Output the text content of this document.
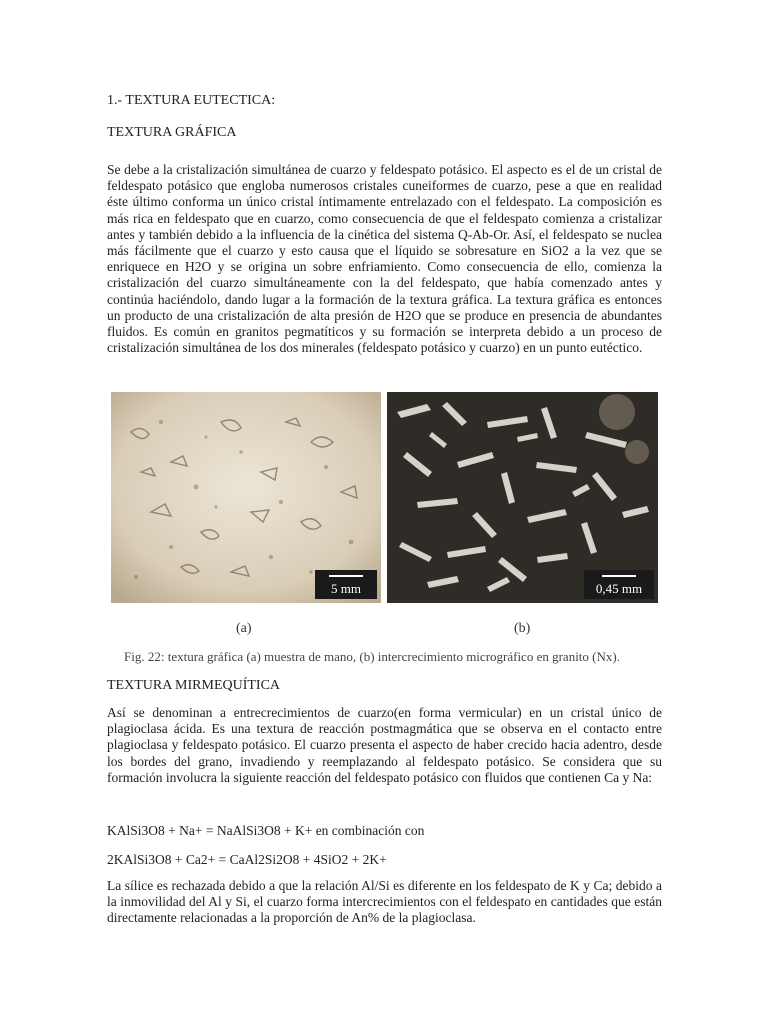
1.- TEXTURA EUTECTICA:
TEXTURA GRÁFICA
Se debe a la cristalización simultánea de cuarzo y feldespato potásico. El aspecto es el de un cristal de feldespato potásico que engloba numerosos cristales cuneiformes de cuarzo, pese a que en realidad éste último conforma un único cristal íntimamente entrelazado con el feldespato. La composición es más rica en feldespato que en cuarzo, como consecuencia de que el feldespato comienza a cristalizar antes y también debido a la influencia de la cinética del sistema Q-Ab-Or. Así, el feldespato se nuclea más fácilmente que el cuarzo y esto causa que el líquido se sobresature en SiO2 a la vez que se enriquece en H2O y se origina un sobre enfriamiento. Como consecuencia de ello, comienza la cristalización del cuarzo simultáneamente con la del feldespato, que había comenzado antes y continúa haciéndolo, dando lugar a la formación de la textura gráfica. La textura gráfica es entonces un producto de una cristalización de alta presión de H2O que se produce en presencia de abundantes fluidos. Es común en granitos pegmatíticos y su formación se interpreta debido a un proceso de cristalización simultánea de los dos minerales (feldespato potásico y cuarzo) en un punto eutéctico.
5 mm	0,45 mm
(a)	(b)
Fig. 22: textura gráfica (a) muestra de mano, (b) intercrecimiento micrográfico en granito (Nx).
TEXTURA MIRMEQUÍTICA
Así se denominan a entrecrecimientos de cuarzo(en forma vermicular) en un cristal único de plagioclasa ácida. Es una textura de reacción postmagmática que se observa en el contacto entre plagioclasa y feldespato potásico. El cuarzo presenta el aspecto de haber crecido hacia adentro, desde los bordes del grano, invadiendo y reemplazando al feldespato potásico. Se considera que su formación involucra la siguiente reacción del feldespato potásico con fluidos que contienen Ca y Na:
KAlSi3O8 + Na+ = NaAlSi3O8 + K+ en combinación con
2KAlSi3O8 + Ca2+ = CaAl2Si2O8 + 4SiO2 + 2K+
La sílice es rechazada debido a que la relación Al/Si es diferente en los feldespato de K y Ca; debido a la inmovilidad del Al y Si, el cuarzo forma intercrecimientos con el feldespato en cantidades que están directamente relacionadas a la proporción de An% de la plagioclasa.
